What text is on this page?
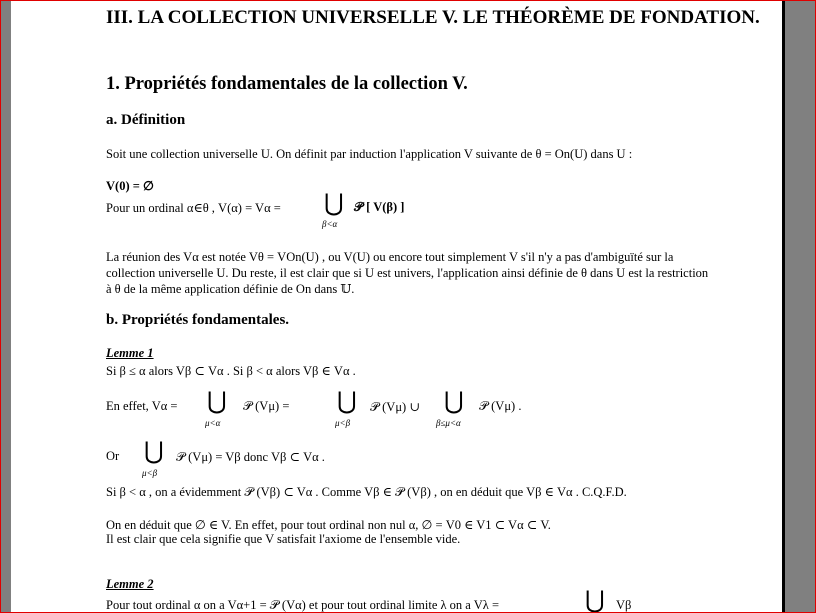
III. LA COLLECTION UNIVERSELLE V. LE THÉORÈME DE FONDATION.
1. Propriétés fondamentales de la collection V.
a. Définition
Soit une collection universelle U. On définit par induction l'application V suivante de θ = On(U) dans U :
V(0) = ∅
Pour un ordinal α∈θ , V(α) = Vα = ⋃
β<α
𝒫 [ V(β) ]
La réunion des Vα est notée Vθ = VOn(U) , ou V(U) ou encore tout simplement V s'il n'y a pas d'ambiguïté sur la
collection universelle U. Du reste, il est clair que si U est univers, l'application ainsi définie de θ dans U est la restriction
à θ de la même application définie de On dans 𝕌.
b. Propriétés fondamentales.
Lemme 1
Si β ≤ α alors Vβ ⊂ Vα . Si β < α alors Vβ ∈ Vα .
En effet, Vα = ⋃
μ<α
𝒫 (Vμ) = ⋃
μ<β
𝒫 (Vμ) ∪ ⋃
β≤μ<α
𝒫 (Vμ) .
Or ⋃
μ<β
𝒫 (Vμ) = Vβ donc Vβ ⊂ Vα .
Si β < α , on a évidemment 𝒫 (Vβ) ⊂ Vα . Comme Vβ ∈ 𝒫 (Vβ) , on en déduit que Vβ ∈ Vα . C.Q.F.D.
On en déduit que ∅ ∈ V. En effet, pour tout ordinal non nul α, ∅ = V0 ∈ V1 ⊂ Vα ⊂ V.
Il est clair que cela signifie que V satisfait l'axiome de l'ensemble vide.
Lemme 2
Pour tout ordinal α on a Vα+1 = 𝒫 (Vα) et pour tout ordinal limite λ on a Vλ =	⋃ Vβ
